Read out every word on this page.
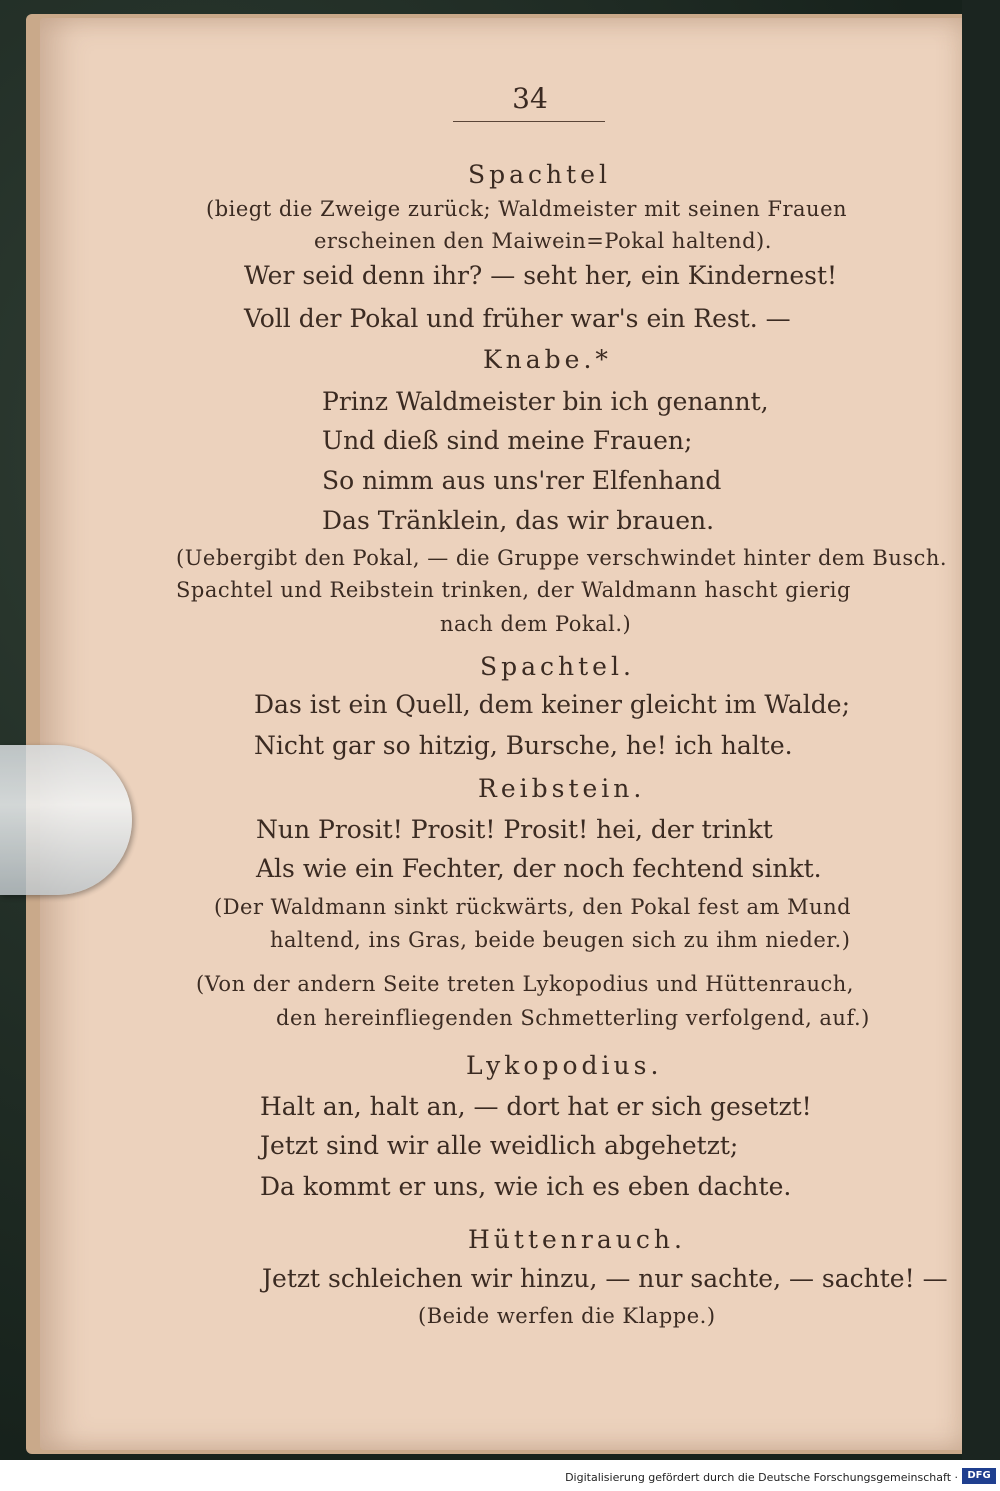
34
Spachtel
(biegt die Zweige zurück; Waldmeister mit seinen Frauen
erscheinen den Maiwein=Pokal haltend).
Wer seid denn ihr? — seht her, ein Kindernest!
Voll der Pokal und früher war's ein Rest. —
Knabe.*
Prinz Waldmeister bin ich genannt,
Und dieß sind meine Frauen;
So nimm aus uns'rer Elfenhand
Das Tränklein, das wir brauen.
(Uebergibt den Pokal, — die Gruppe verschwindet hinter dem Busch.
Spachtel und Reibstein trinken, der Waldmann hascht gierig
nach dem Pokal.)
Spachtel.
Das ist ein Quell, dem keiner gleicht im Walde;
Nicht gar so hitzig, Bursche, he! ich halte.
Reibstein.
Nun Prosit! Prosit! Prosit! hei, der trinkt
Als wie ein Fechter, der noch fechtend sinkt.
(Der Waldmann sinkt rückwärts, den Pokal fest am Mund
haltend, ins Gras, beide beugen sich zu ihm nieder.)
(Von der andern Seite treten Lykopodius und Hüttenrauch,
den hereinfliegenden Schmetterling verfolgend, auf.)
Lykopodius.
Halt an, halt an, — dort hat er sich gesetzt!
Jetzt sind wir alle weidlich abgehetzt;
Da kommt er uns, wie ich es eben dachte.
Hüttenrauch.
Jetzt schleichen wir hinzu, — nur sachte, — sachte! —
(Beide werfen die Klappe.)
Digitalisierung gefördert durch die Deutsche Forschungsgemeinschaft · DFG
